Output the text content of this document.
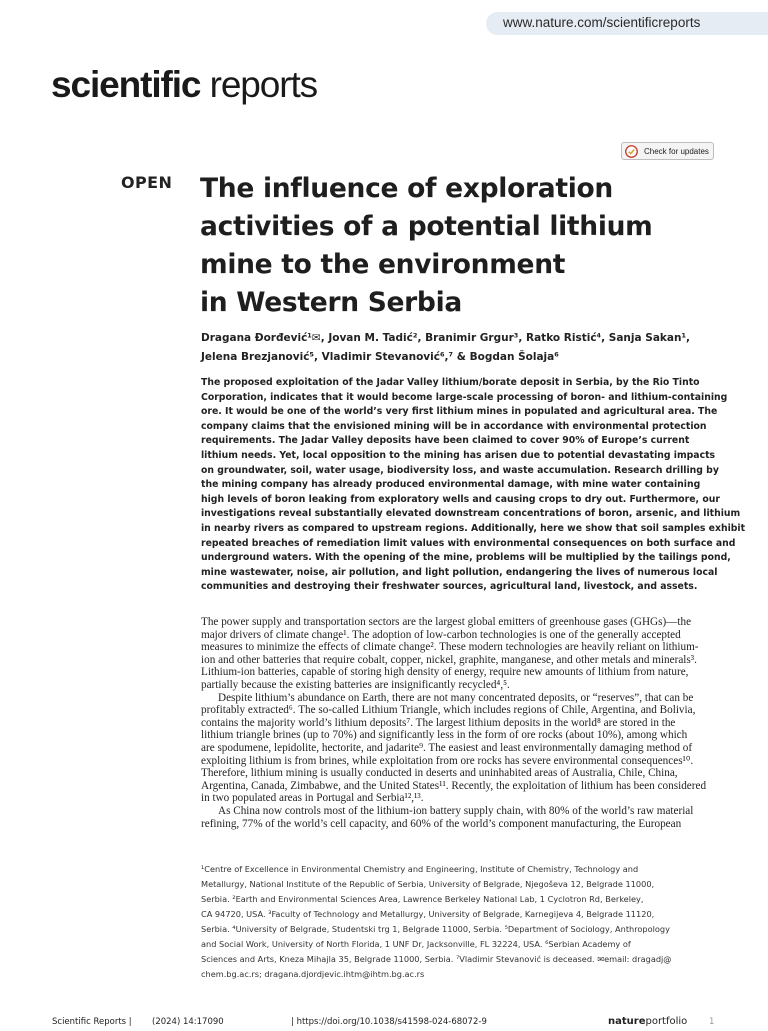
www.nature.com/scientificreports
scientific reports
Check for updates
OPEN The influence of exploration
activities of a potential lithium
mine to the environment
in Western Serbia
Dragana Đorđević¹✉, Jovan M. Tadić², Branimir Grgur³, Ratko Ristić⁴, Sanja Sakan¹,
Jelena Brezjanović⁵, Vladimir Stevanović⁶,⁷ & Bogdan Šolaja⁶
The proposed exploitation of the Jadar Valley lithium/borate deposit in Serbia, by the Rio Tinto
Corporation, indicates that it would become large-scale processing of boron- and lithium-containing
ore. It would be one of the world’s very first lithium mines in populated and agricultural area. The
company claims that the envisioned mining will be in accordance with environmental protection
requirements. The Jadar Valley deposits have been claimed to cover 90% of Europe’s current
lithium needs. Yet, local opposition to the mining has arisen due to potential devastating impacts
on groundwater, soil, water usage, biodiversity loss, and waste accumulation. Research drilling by
the mining company has already produced environmental damage, with mine water containing
high levels of boron leaking from exploratory wells and causing crops to dry out. Furthermore, our
investigations reveal substantially elevated downstream concentrations of boron, arsenic, and lithium
in nearby rivers as compared to upstream regions. Additionally, here we show that soil samples exhibit
repeated breaches of remediation limit values with environmental consequences on both surface and
underground waters. With the opening of the mine, problems will be multiplied by the tailings pond,
mine wastewater, noise, air pollution, and light pollution, endangering the lives of numerous local
communities and destroying their freshwater sources, agricultural land, livestock, and assets.
The power supply and transportation sectors are the largest global emitters of greenhouse gases (GHGs)—the
major drivers of climate change¹. The adoption of low-carbon technologies is one of the generally accepted
measures to minimize the effects of climate change². These modern technologies are heavily reliant on lithium-
ion and other batteries that require cobalt, copper, nickel, graphite, manganese, and other metals and minerals³.
Lithium-ion batteries, capable of storing high density of energy, require new amounts of lithium from nature,
partially because the existing batteries are insignificantly recycled⁴,⁵.
Despite lithium’s abundance on Earth, there are not many concentrated deposits, or “reserves”, that can be
profitably extracted⁶. The so-called Lithium Triangle, which includes regions of Chile, Argentina, and Bolivia,
contains the majority world’s lithium deposits⁷. The largest lithium deposits in the world⁸ are stored in the
lithium triangle brines (up to 70%) and significantly less in the form of ore rocks (about 10%), among which
are spodumene, lepidolite, hectorite, and jadarite⁹. The easiest and least environmentally damaging method of
exploiting lithium is from brines, while exploitation from ore rocks has severe environmental consequences¹⁰.
Therefore, lithium mining is usually conducted in deserts and uninhabited areas of Australia, Chile, China,
Argentina, Canada, Zimbabwe, and the United States¹¹. Recently, the exploitation of lithium has been considered
in two populated areas in Portugal and Serbia¹²,¹³.
As China now controls most of the lithium-ion battery supply chain, with 80% of the world’s raw material
refining, 77% of the world’s cell capacity, and 60% of the world’s component manufacturing, the European
¹Centre of Excellence in Environmental Chemistry and Engineering, Institute of Chemistry, Technology and
Metallurgy, National Institute of the Republic of Serbia, University of Belgrade, Njegoševa 12, Belgrade 11000,
Serbia. ²Earth and Environmental Sciences Area, Lawrence Berkeley National Lab, 1 Cyclotron Rd, Berkeley,
CA 94720, USA. ³Faculty of Technology and Metallurgy, University of Belgrade, Karnegijeva 4, Belgrade 11120,
Serbia. ⁴University of Belgrade, Studentski trg 1, Belgrade 11000, Serbia. ⁵Department of Sociology, Anthropology
and Social Work, University of North Florida, 1 UNF Dr, Jacksonville, FL 32224, USA. ⁶Serbian Academy of
Sciences and Arts, Kneza Mihajla 35, Belgrade 11000, Serbia. ⁷Vladimir Stevanović is deceased. ✉email: dragadj@
chem.bg.ac.rs; dragana.djordjevic.ihtm@ihtm.bg.ac.rs
Scientific Reports | (2024) 14:17090	| https://doi.org/10.1038/s41598-024-68072-9	natureportfolio	1
